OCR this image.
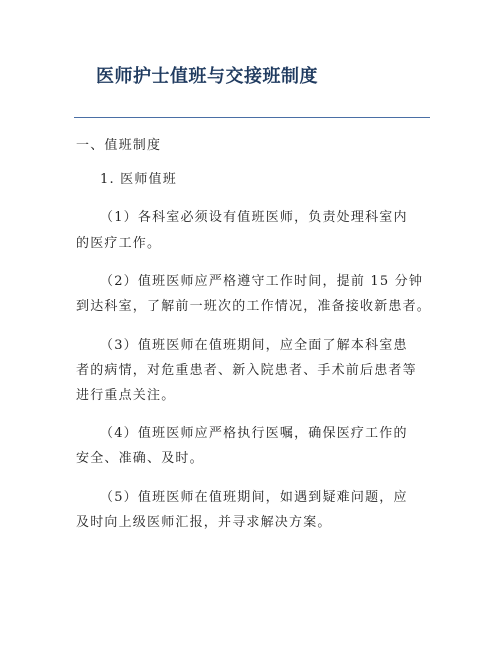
医师护士值班与交接班制度
一、值班制度
1. 医师值班
（1）各科室必须设有值班医师，负责处理科室内
的医疗工作。
（2）值班医师应严格遵守工作时间，提前 15 分钟
到达科室，了解前一班次的工作情况，准备接收新患者。
（3）值班医师在值班期间，应全面了解本科室患
者的病情，对危重患者、新入院患者、手术前后患者等
进行重点关注。
（4）值班医师应严格执行医嘱，确保医疗工作的
安全、准确、及时。
（5）值班医师在值班期间，如遇到疑难问题，应
及时向上级医师汇报，并寻求解决方案。
